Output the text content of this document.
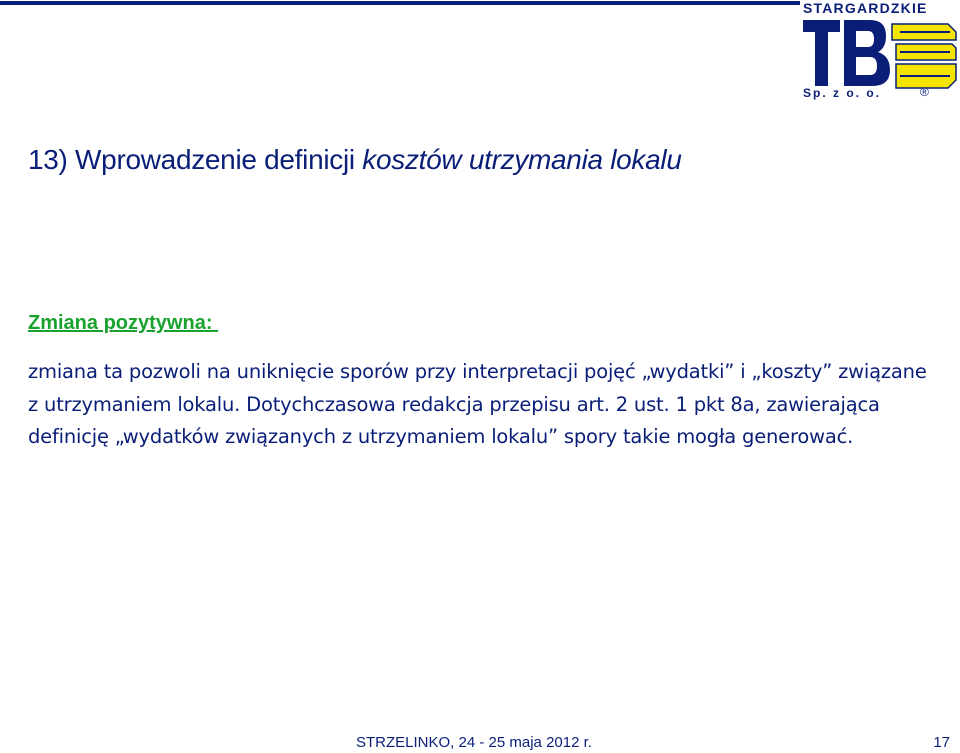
STARGARDZKIE
Sp. z o. o.	®
13) Wprowadzenie definicji kosztów utrzymania lokalu
Zmiana pozytywna:

zmiana ta pozwoli na uniknięcie sporów przy interpretacji pojęć „wydatki” i „koszty” związane z utrzymaniem lokalu. Dotychczasowa redakcja przepisu art. 2 ust. 1 pkt 8a, zawierająca definicję „wydatków związanych z utrzymaniem lokalu” spory takie mogła generować.

STRZELINKO, 24 - 25 maja 2012 r.	17
